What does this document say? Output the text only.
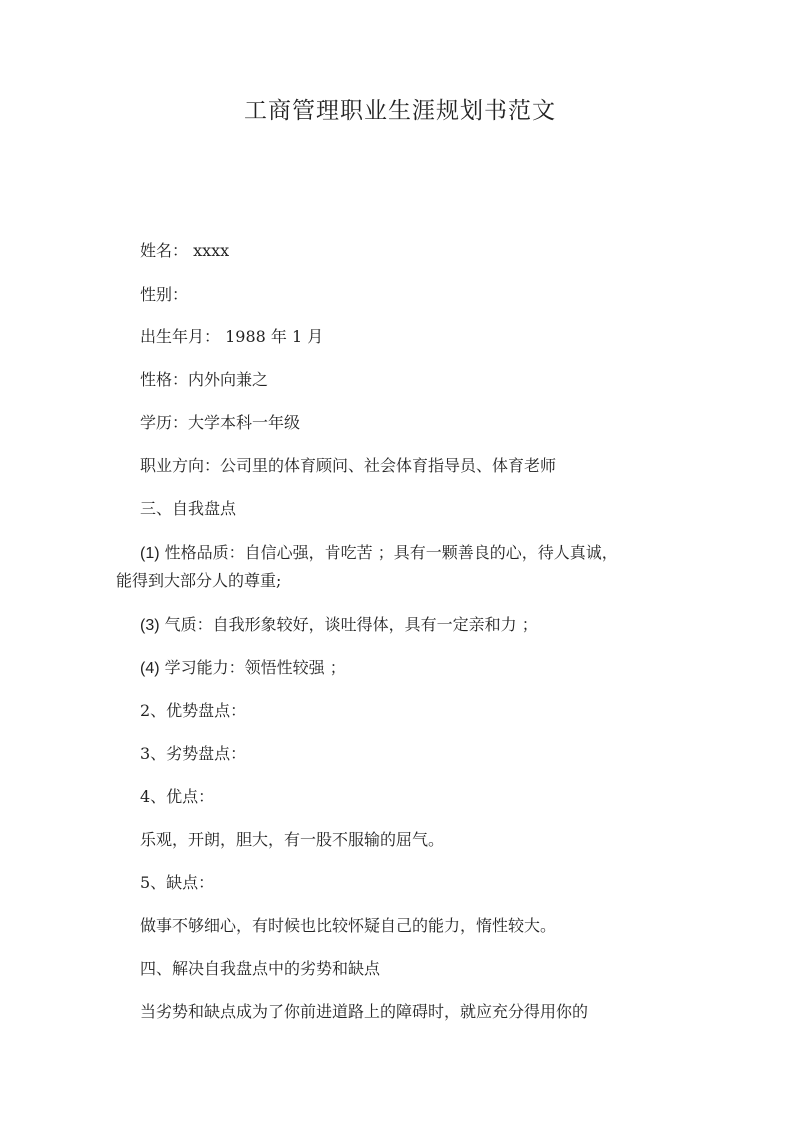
工商管理职业生涯规划书范文
姓名： xxxx
性别：
出生年月： 1988 年 1 月
性格：内外向兼之
学历：大学本科一年级
职业方向：公司里的体育顾问、社会体育指导员、体育老师
三、自我盘点
(1) 性格品质：自信心强，肯吃苦 ；具有一颗善良的心，待人真诚，
能得到大部分人的尊重;
(3) 气质：自我形象较好，谈吐得体，具有一定亲和力 ；
(4) 学习能力：领悟性较强 ；
2、优势盘点：
3、劣势盘点：
4、优点：
乐观，开朗，胆大，有一股不服输的屈气。
5、缺点：
做事不够细心，有时候也比较怀疑自己的能力，惰性较大。
四、解决自我盘点中的劣势和缺点
当劣势和缺点成为了你前进道路上的障碍时，就应充分得用你的
